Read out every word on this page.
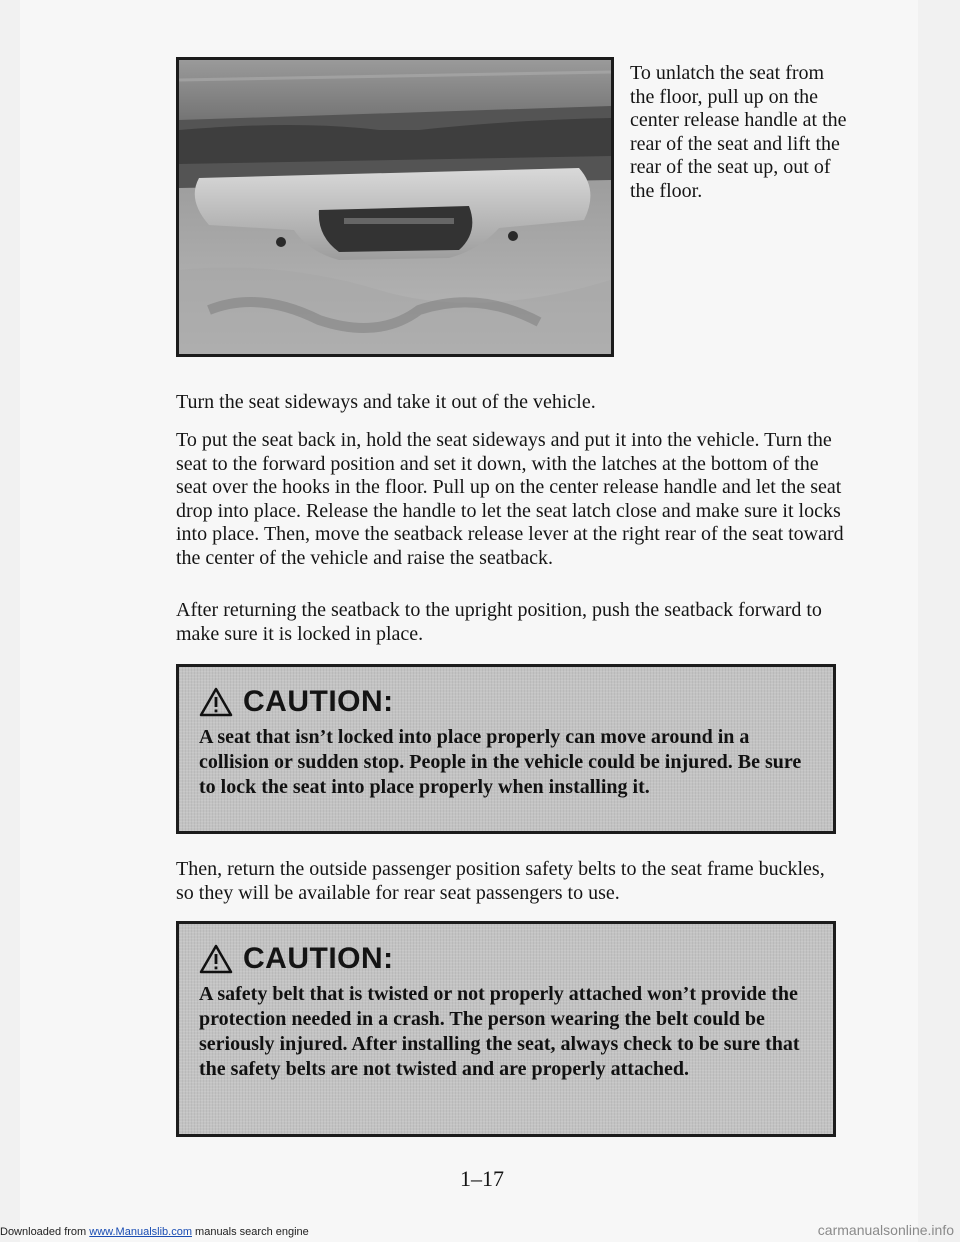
To unlatch the seat from the floor, pull up on the center release handle at the rear of the seat and lift the rear of the seat up, out of the floor.

Turn the seat sideways and take it out of the vehicle.

To put the seat back in, hold the seat sideways and put it into the vehicle. Turn the seat to the forward position and set it down, with the latches at the bottom of the seat over the hooks in the floor. Pull up on the center release handle and let the seat drop into place. Release the handle to let the seat latch close and make sure it locks into place. Then, move the seatback release lever at the right rear of the seat toward the center of the vehicle and raise the seatback.

After returning the seatback to the upright position, push the seatback forward to make sure it is locked in place.

CAUTION:

A seat that isn’t locked into place properly can move around in a collision or sudden stop. People in the vehicle could be injured. Be sure to lock the seat into place properly when installing it.

Then, return the outside passenger position safety belts to the seat frame buckles, so they will be available for rear seat passengers to use.

CAUTION:

A safety belt that is twisted or not properly attached won’t provide the protection needed in a crash. The person wearing the belt could be seriously injured. After installing the seat, always check to be sure that the safety belts are not twisted and are properly attached.

1–17

Downloaded from www.Manualslib.com manuals search engine	carmanualsonline.info
